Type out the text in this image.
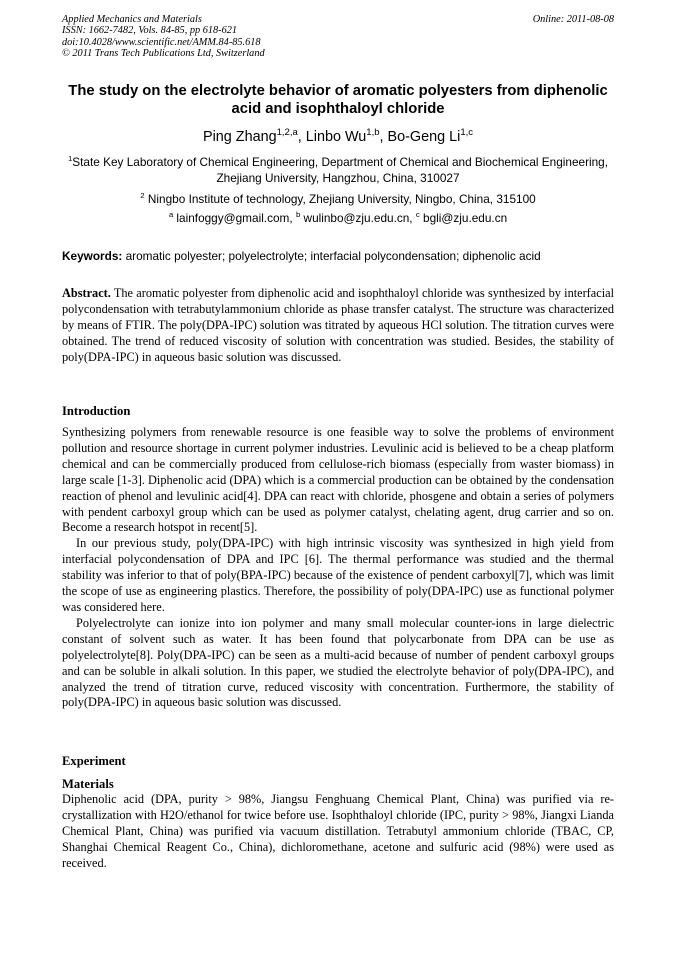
Applied Mechanics and Materials
ISSN: 1662-7482, Vols. 84-85, pp 618-621
doi:10.4028/www.scientific.net/AMM.84-85.618
© 2011 Trans Tech Publications Ltd, Switzerland
Online: 2011-08-08
The study on the electrolyte behavior of aromatic polyesters from diphenolic acid and isophthaloyl chloride
Ping Zhang$^{1,2,a}$, Linbo Wu$^{1,b}$, Bo-Geng Li$^{1,c}$
$^1$State Key Laboratory of Chemical Engineering, Department of Chemical and Biochemical Engineering, Zhejiang University, Hangzhou, China, 310027
$^2$ Ningbo Institute of technology, Zhejiang University, Ningbo, China, 315100
$^a$ lainfoggy@gmail.com, $^b$ wulinbo@zju.edu.cn, $^c$ bgli@zju.edu.cn
Keywords: aromatic polyester; polyelectrolyte; interfacial polycondensation; diphenolic acid
Abstract. The aromatic polyester from diphenolic acid and isophthaloyl chloride was synthesized by interfacial polycondensation with tetrabutylammonium chloride as phase transfer catalyst. The structure was characterized by means of FTIR. The poly(DPA-IPC) solution was titrated by aqueous HCl solution. The titration curves were obtained. The trend of reduced viscosity of solution with concentration was studied. Besides, the stability of poly(DPA-IPC) in aqueous basic solution was discussed.
Introduction

Synthesizing polymers from renewable resource is one feasible way to solve the problems of environment pollution and resource shortage in current polymer industries. Levulinic acid is believed to be a cheap platform chemical and can be commercially produced from cellulose-rich biomass (especially from waster biomass) in large scale [1-3]. Diphenolic acid (DPA) which is a commercial production can be obtained by the condensation reaction of phenol and levulinic acid[4]. DPA can react with chloride, phosgene and obtain a series of polymers with pendent carboxyl group which can be used as polymer catalyst, chelating agent, drug carrier and so on. Become a research hotspot in recent[5].

In our previous study, poly(DPA-IPC) with high intrinsic viscosity was synthesized in high yield from interfacial polycondensation of DPA and IPC [6]. The thermal performance was studied and the thermal stability was inferior to that of poly(BPA-IPC) because of the existence of pendent carboxyl[7], which was limit the scope of use as engineering plastics. Therefore, the possibility of poly(DPA-IPC) use as functional polymer was considered here.

Polyelectrolyte can ionize into ion polymer and many small molecular counter-ions in large dielectric constant of solvent such as water. It has been found that polycarbonate from DPA can be use as polyelectrolyte[8]. Poly(DPA-IPC) can be seen as a multi-acid because of number of pendent carboxyl groups and can be soluble in alkali solution. In this paper, we studied the electrolyte behavior of poly(DPA-IPC), and analyzed the trend of titration curve, reduced viscosity with concentration. Furthermore, the stability of poly(DPA-IPC) in aqueous basic solution was discussed.

Experiment
Materials

Diphenolic acid (DPA, purity > 98%, Jiangsu Fenghuang Chemical Plant, China) was purified via re-crystallization with H2O/ethanol for twice before use. Isophthaloyl chloride (IPC, purity > 98%, Jiangxi Lianda Chemical Plant, China) was purified via vacuum distillation. Tetrabutyl ammonium chloride (TBAC, CP, Shanghai Chemical Reagent Co., China), dichloromethane, acetone and sulfuric acid (98%) were used as received.
